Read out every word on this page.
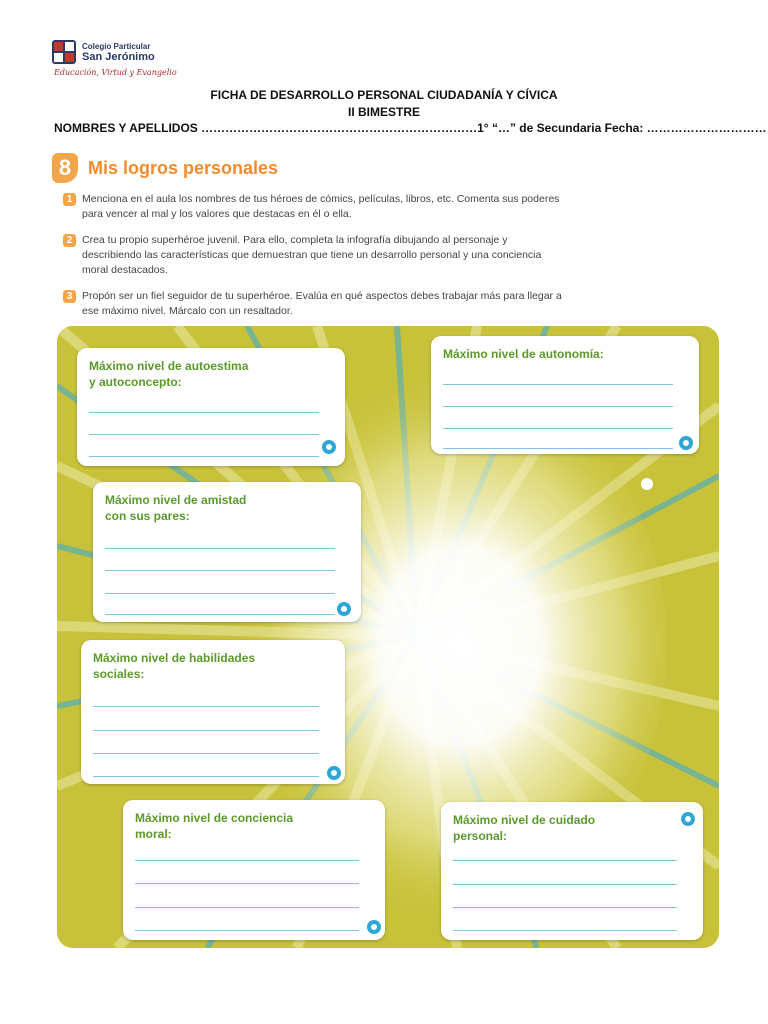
Colegio Particular
San Jerónimo
Educación, Virtud y Evangelio
FICHA DE DESARROLLO PERSONAL CIUDADANÍA Y CÍVICA
II BIMESTRE
NOMBRES Y APELLIDOS ……………………………………………………………1° “…” de Secundaria Fecha: …………………………
8 Mis logros personales
1 Menciona en el aula los nombres de tus héroes de cómics, películas, libros, etc. Comenta sus poderes para vencer al mal y los valores que destacas en él o ella.
2 Crea tu propio superhéroe juvenil. Para ello, completa la infografía dibujando al personaje y describiendo las características que demuestran que tiene un desarrollo personal y una conciencia moral destacados.
3 Propón ser un fiel seguidor de tu superhéroe. Evalúa en qué aspectos debes trabajar más para llegar a ese máximo nivel. Márcalo con un resaltador.
Máximo nivel de autoestima
y autoconcepto:
Máximo nivel de autonomía:

Máximo nivel de amistad
con sus pares:
Máximo nivel de habilidades
sociales:
Máximo nivel de conciencia
moral:
Máximo nivel de cuidado
personal:
